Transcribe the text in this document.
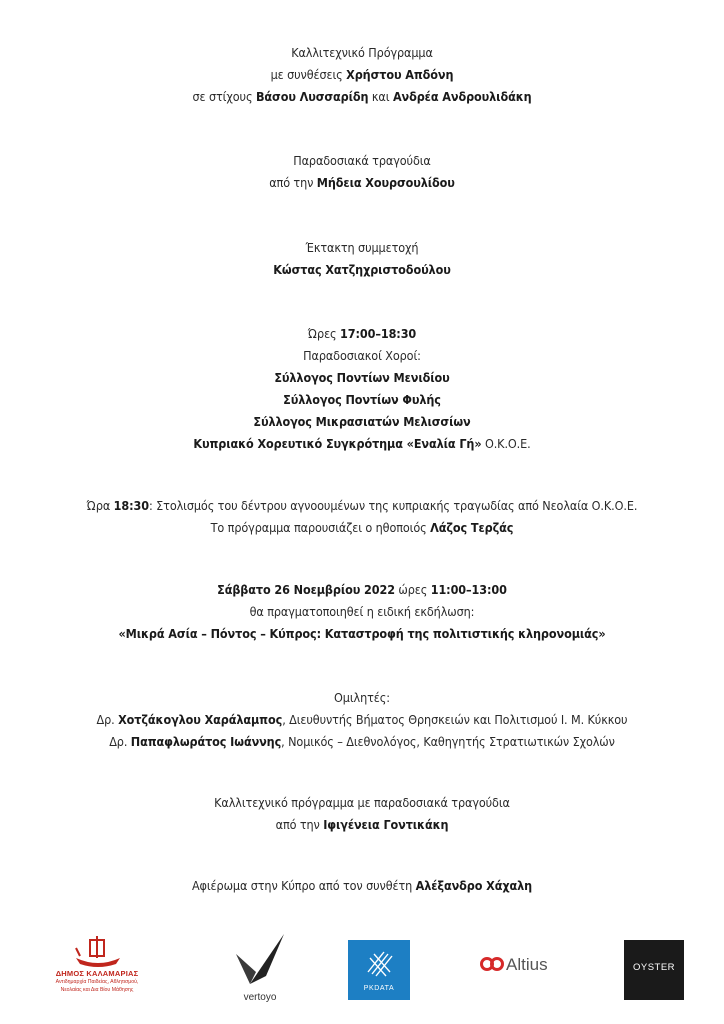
Καλλιτεχνικό Πρόγραμμα
με συνθέσεις Χρήστου Απδόνη
σε στίχους Βάσου Λυσσαρίδη και Ανδρέα Ανδρουλιδάκη
Παραδοσιακά τραγούδια
από την Μήδεια Χουρσουλίδου
Έκτακτη συμμετοχή
Κώστας Χατζηχριστοδούλου
Ώρες 17:00–18:30
Παραδοσιακοί Χοροί:
Σύλλογος Ποντίων Μενιδίου
Σύλλογος Ποντίων Φυλής
Σύλλογος Μικρασιατών Μελισσίων
Κυπριακό Χορευτικό Συγκρότημα «Εναλία Γή» Ο.Κ.Ο.Ε.
Ώρα 18:30: Στολισμός του δέντρου αγνοουμένων της κυπριακής τραγωδίας από Νεολαία Ο.Κ.Ο.Ε.
Το πρόγραμμα παρουσιάζει ο ηθοποιός Λάζος Τερζάς
Σάββατο 26 Νοεμβρίου 2022 ώρες 11:00–13:00
θα πραγματοποιηθεί η ειδική εκδήλωση:
«Μικρά Ασία – Πόντος – Κύπρος: Καταστροφή της πολιτιστικής κληρονομιάς»
Ομιλητές:
Δρ. Χοτζάκογλου Χαράλαμπος, Διευθυντής Βήματος Θρησκειών και Πολιτισμού Ι. Μ. Κύκκου
Δρ. Παπαφλωράτος Ιωάννης, Νομικός – Διεθνολόγος, Καθηγητής Στρατιωτικών Σχολών
Καλλιτεχνικό πρόγραμμα με παραδοσιακά τραγούδια
από την Ιφιγένεια Γοντικάκη
Αφιέρωμα στην Κύπρο από τον συνθέτη Αλέξανδρο Χάχαλη
ΔΗΜΟΣ ΚΑΛΑΜΑΡΙΑΣ
Αντιδημαρχία Παιδείας, Αθλητισμού,
Νεολαίας και Δια Βίου Μάθησης
vertoyo
PKDATA
Altius	OYSTER
